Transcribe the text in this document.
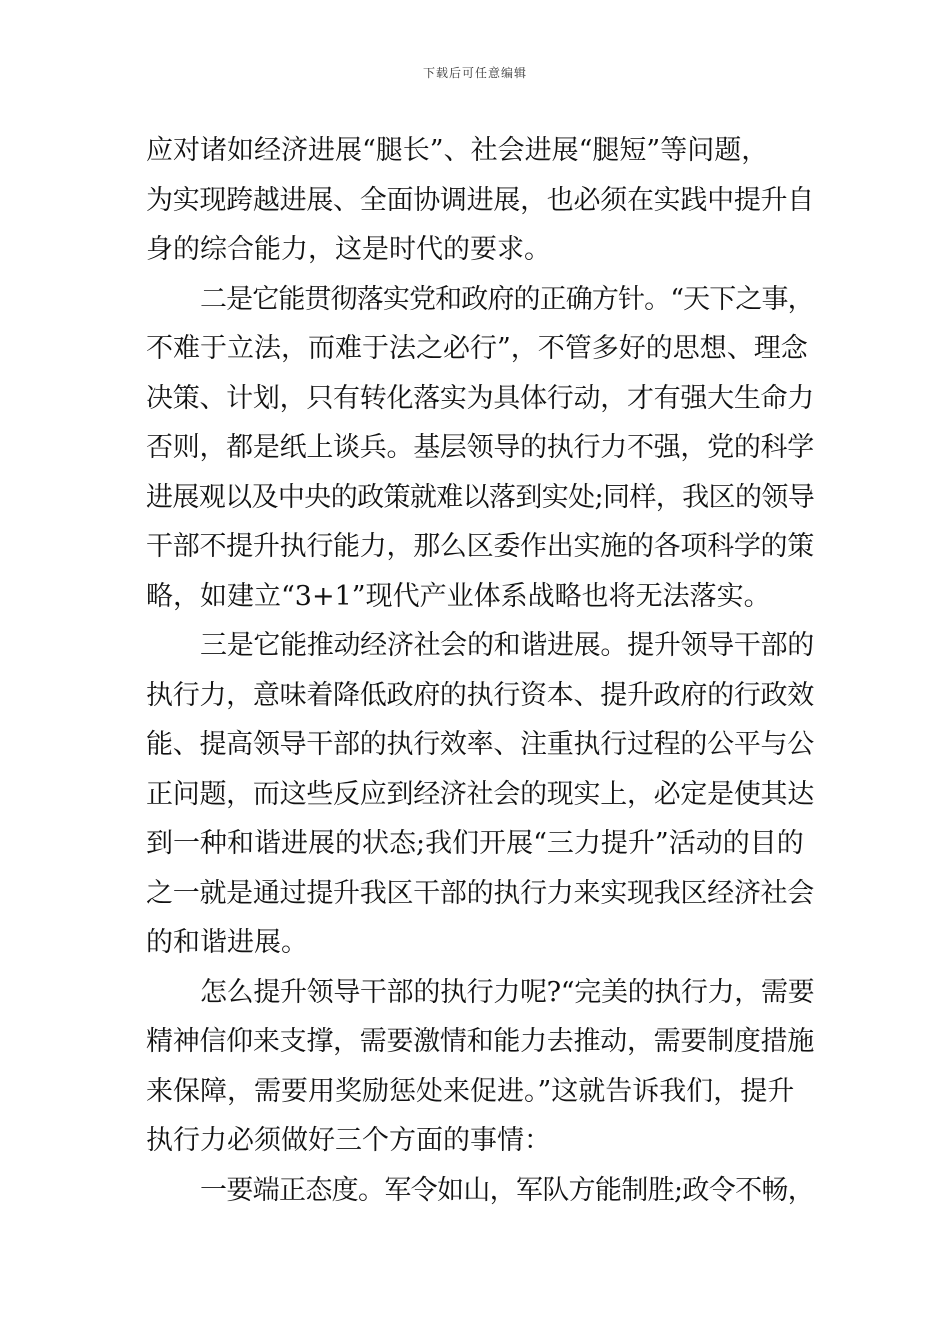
下载后可任意编辑
应对诸如经济进展“腿长”、社会进展“腿短”等问题，
为实现跨越进展、全面协调进展，也必须在实践中提升自
身的综合能力，这是时代的要求。
二是它能贯彻落实党和政府的正确方针。“天下之事，
不难于立法，而难于法之必行”，不管多好的思想、理念
决策、计划，只有转化落实为具体行动，才有强大生命力
否则，都是纸上谈兵。基层领导的执行力不强，党的科学
进展观以及中央的政策就难以落到实处;同样，我区的领导
干部不提升执行能力，那么区委作出实施的各项科学的策
略，如建立“3+1”现代产业体系战略也将无法落实。
三是它能推动经济社会的和谐进展。提升领导干部的
执行力，意味着降低政府的执行资本、提升政府的行政效
能、提高领导干部的执行效率、注重执行过程的公平与公
正问题，而这些反应到经济社会的现实上，必定是使其达
到一种和谐进展的状态;我们开展“三力提升”活动的目的
之一就是通过提升我区干部的执行力来实现我区经济社会
的和谐进展。
怎么提升领导干部的执行力呢?“完美的执行力，需要
精神信仰来支撑，需要激情和能力去推动，需要制度措施
来保障，需要用奖励惩处来促进。”这就告诉我们，提升
执行力必须做好三个方面的事情：
一要端正态度。军令如山，军队方能制胜;政令不畅，
